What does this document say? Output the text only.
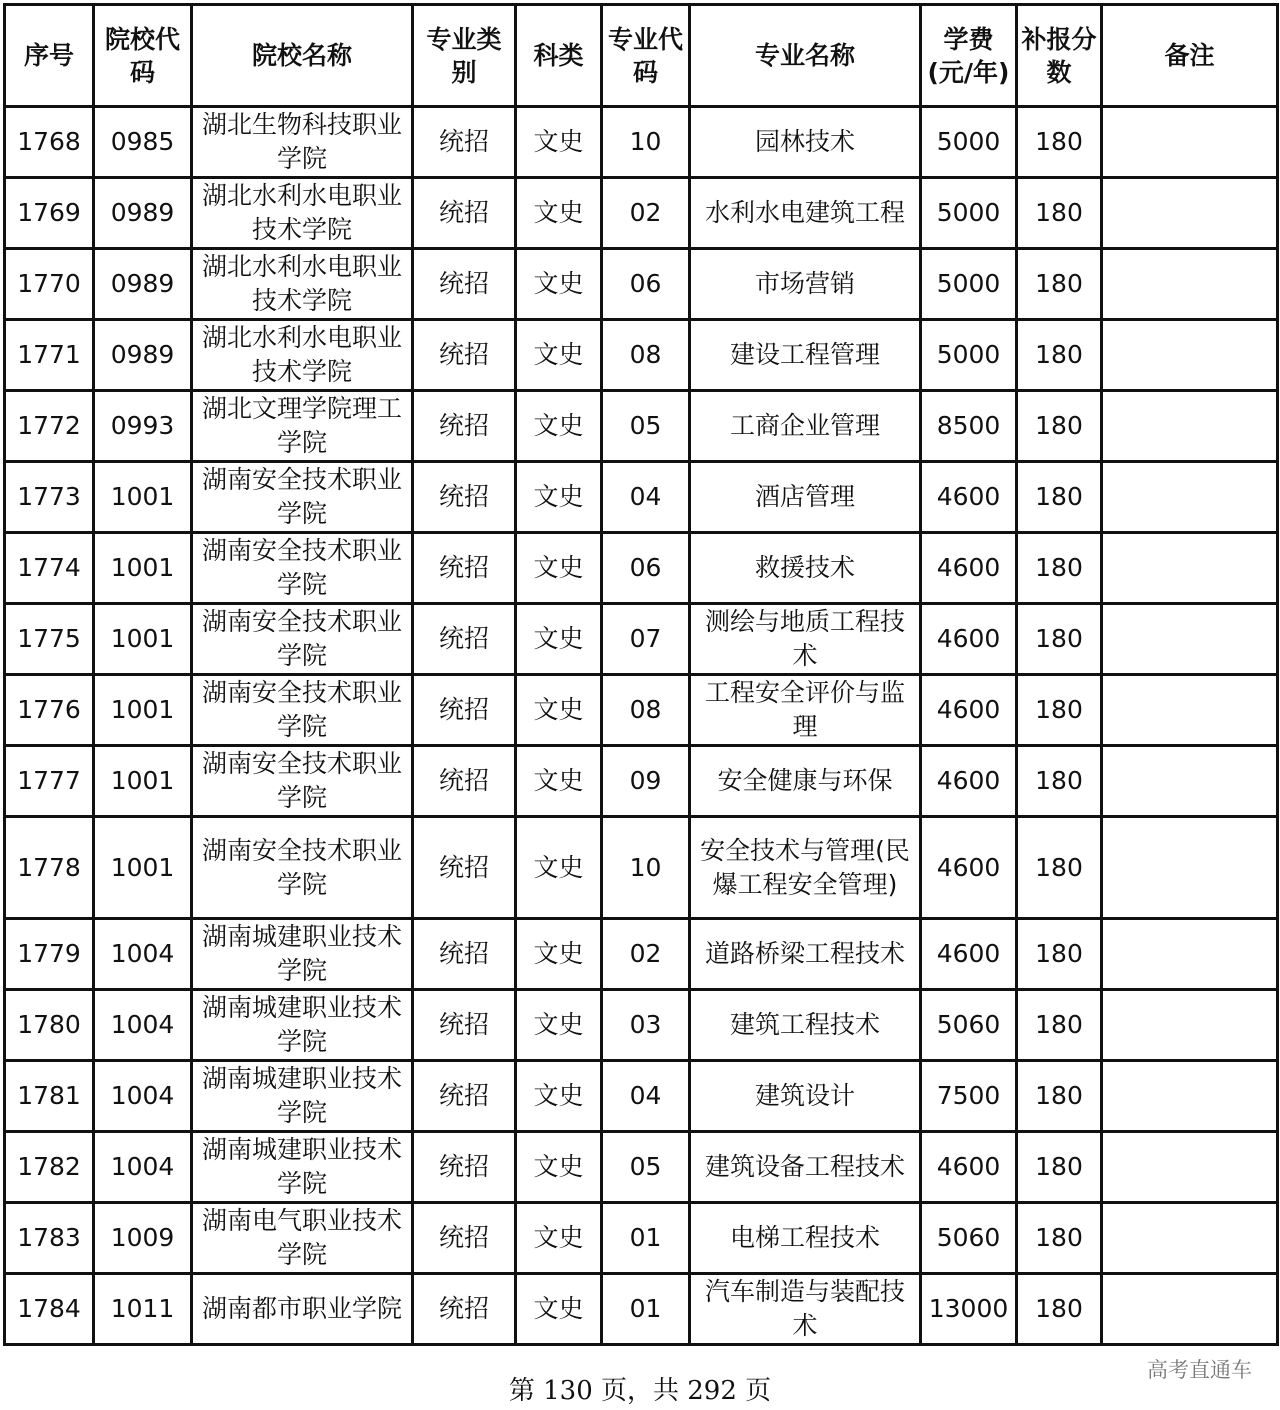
序号	院校代码	院校名称	专业类别	科类	专业代码	专业名称	学费(元/年)	补报分数	备注
1768	0985	湖北生物科技职业学院	统招	文史	10	园林技术	5000	180	
1769	0989	湖北水利水电职业技术学院	统招	文史	02	水利水电建筑工程	5000	180	
1770	0989	湖北水利水电职业技术学院	统招	文史	06	市场营销	5000	180	
1771	0989	湖北水利水电职业技术学院	统招	文史	08	建设工程管理	5000	180	
1772	0993	湖北文理学院理工学院	统招	文史	05	工商企业管理	8500	180	
1773	1001	湖南安全技术职业学院	统招	文史	04	酒店管理	4600	180	
1774	1001	湖南安全技术职业学院	统招	文史	06	救援技术	4600	180	
1775	1001	湖南安全技术职业学院	统招	文史	07	测绘与地质工程技术	4600	180	
1776	1001	湖南安全技术职业学院	统招	文史	08	工程安全评价与监理	4600	180	
1777	1001	湖南安全技术职业学院	统招	文史	09	安全健康与环保	4600	180	
1778	1001	湖南安全技术职业学院	统招	文史	10	安全技术与管理(民爆工程安全管理)	4600	180	
1779	1004	湖南城建职业技术学院	统招	文史	02	道路桥梁工程技术	4600	180	
1780	1004	湖南城建职业技术学院	统招	文史	03	建筑工程技术	5060	180	
1781	1004	湖南城建职业技术学院	统招	文史	04	建筑设计	7500	180	
1782	1004	湖南城建职业技术学院	统招	文史	05	建筑设备工程技术	4600	180	
1783	1009	湖南电气职业技术学院	统招	文史	01	电梯工程技术	5060	180	
1784	1011	湖南都市职业学院	统招	文史	01	汽车制造与装配技术	13000	180	
第 130 页，共 292 页
高考直通车
